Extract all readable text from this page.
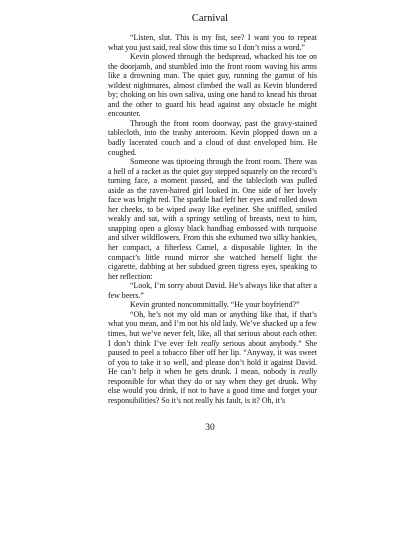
Carnival

“Listen, slut. This is my fist, see? I want you to repeat what you just said, real slow this time so I don’t miss a word.”

Kevin plowed through the bedspread, whacked his toe on the doorjamb, and stumbled into the front room waving his arms like a drowning man. The quiet guy, running the gamut of his wildest nightmares, almost climbed the wall as Kevin blundered by; choking on his own saliva, using one hand to knead his throat and the other to guard his head against any obstacle he might encounter.

Through the front room doorway, past the gravy-stained tablecloth, into the trashy anteroom. Kevin plopped down on a badly lacerated couch and a cloud of dust enveloped him. He coughed.

Someone was tiptoeing through the front room. There was a hell of a racket as the quiet guy stepped squarely on the record’s turning face, a moment passed, and the tablecloth was pulled aside as the raven-haired girl looked in. One side of her lovely face was bright red. The sparkle had left her eyes and rolled down her cheeks, to be wiped away like eyeliner. She sniffled, smiled weakly and sat, with a springy settling of breasts, next to him, snapping open a glossy black handbag embossed with turquoise and silver wildflowers. From this she exhumed two silky hankies, her compact, a filterless Camel, a disposable lighter. In the compact’s little round mirror she watched herself light the cigarette, dabbing at her subdued green tigress eyes, speaking to her reflection:

“Look, I’m sorry about David. He’s always like that after a few beers.”

Kevin grunted noncommittally. “He your boyfriend?”

“Oh, he’s not my old man or anything like that, if that’s what you mean, and I’m not his old lady. We’ve shacked up a few times, but we’ve never felt, like, all that serious about each other. I don’t think I’ve ever felt really serious about anybody.” She paused to peel a tobacco fiber off her lip. “Anyway, it was sweet of you to take it so well, and please don’t hold it against David. He can’t help it when he gets drunk. I mean, nobody is really responsible for what they do or say when they get drunk. Why else would you drink, if not to have a good time and forget your responsibilities? So it’s not really his fault, is it? Oh, it’s

30
